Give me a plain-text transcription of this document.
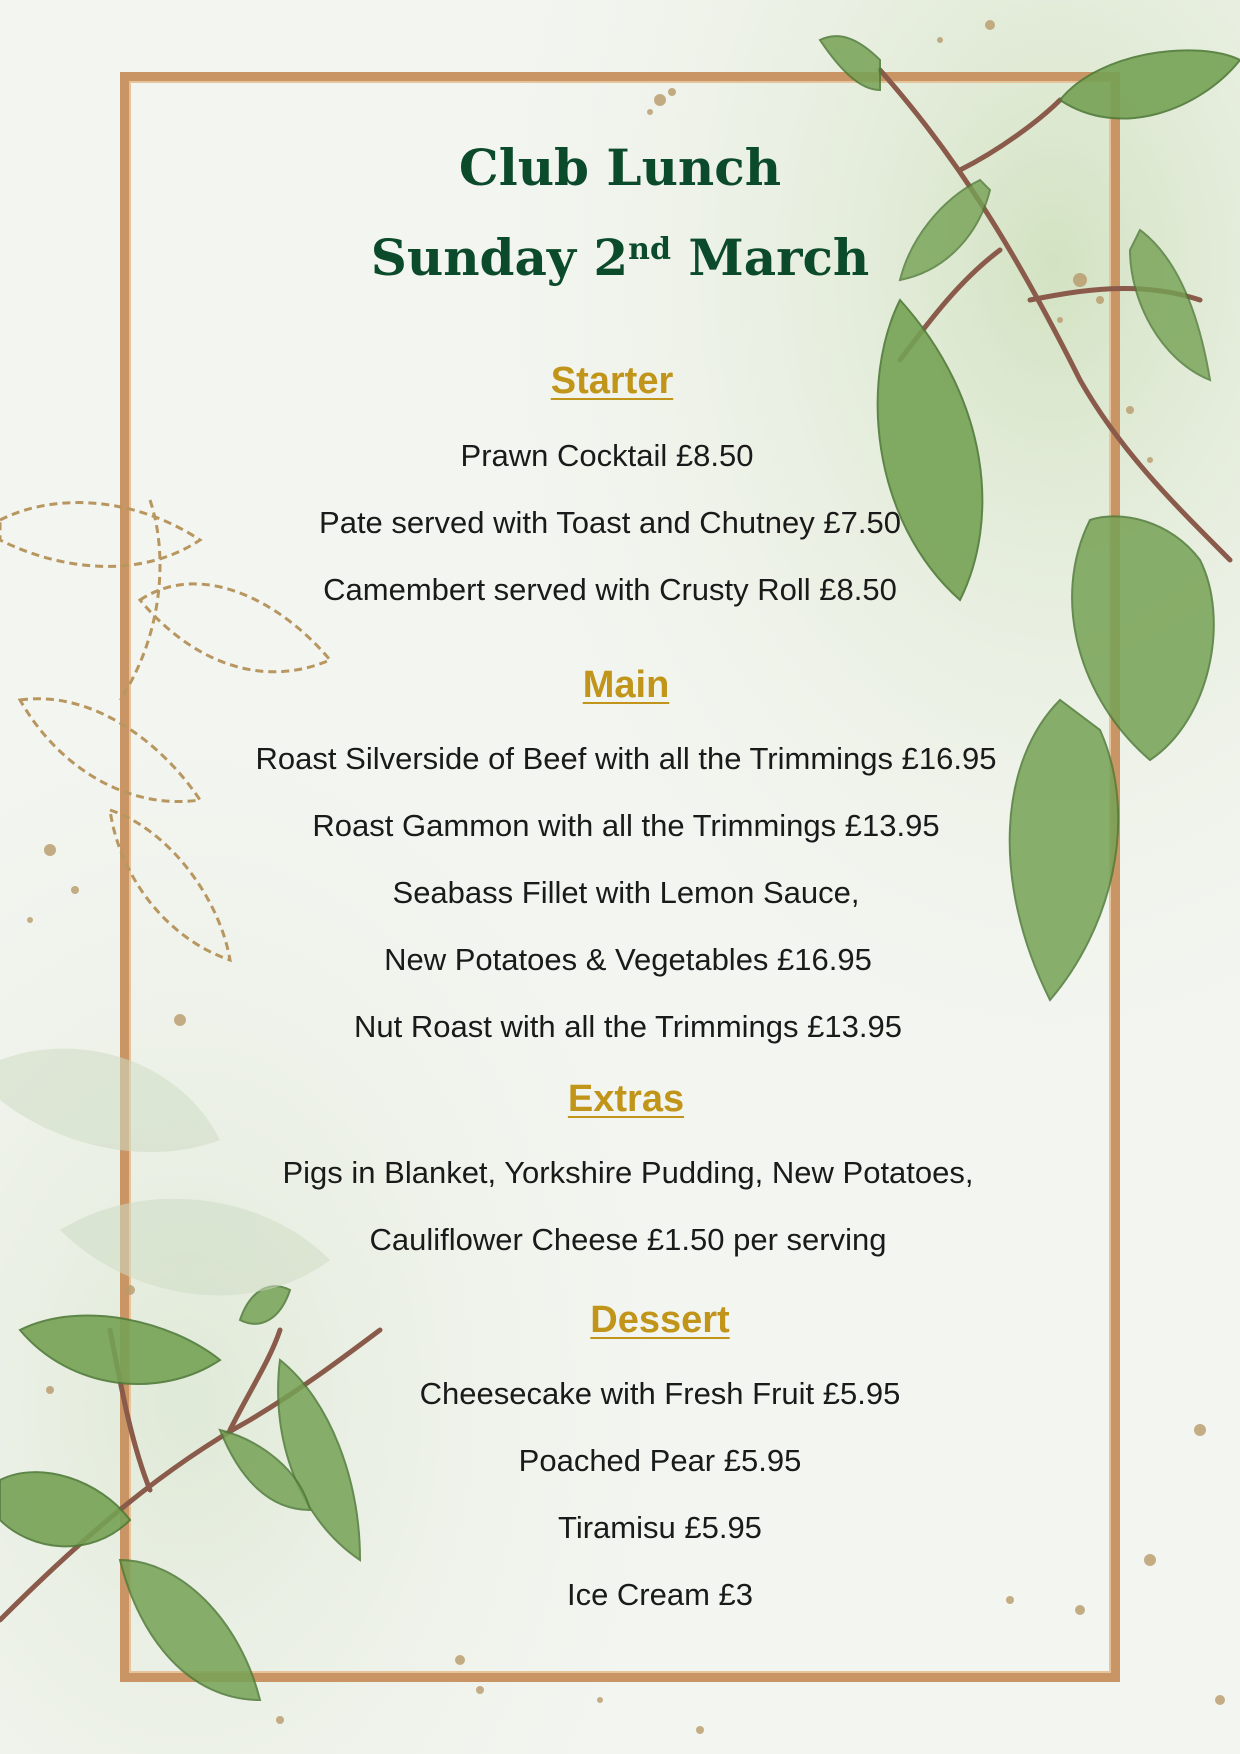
Club Lunch
Sunday 2nd March
Starter

Prawn Cocktail £8.50

Pate served with Toast and Chutney £7.50

Camembert served with Crusty Roll £8.50

Main

Roast Silverside of Beef with all the Trimmings £16.95

Roast Gammon with all the Trimmings £13.95

Seabass Fillet with Lemon Sauce,

New Potatoes & Vegetables £16.95

Nut Roast with all the Trimmings £13.95

Extras

Pigs in Blanket, Yorkshire Pudding, New Potatoes,

Cauliflower Cheese £1.50 per serving

Dessert

Cheesecake with Fresh Fruit £5.95

Poached Pear £5.95

Tiramisu £5.95

Ice Cream £3
